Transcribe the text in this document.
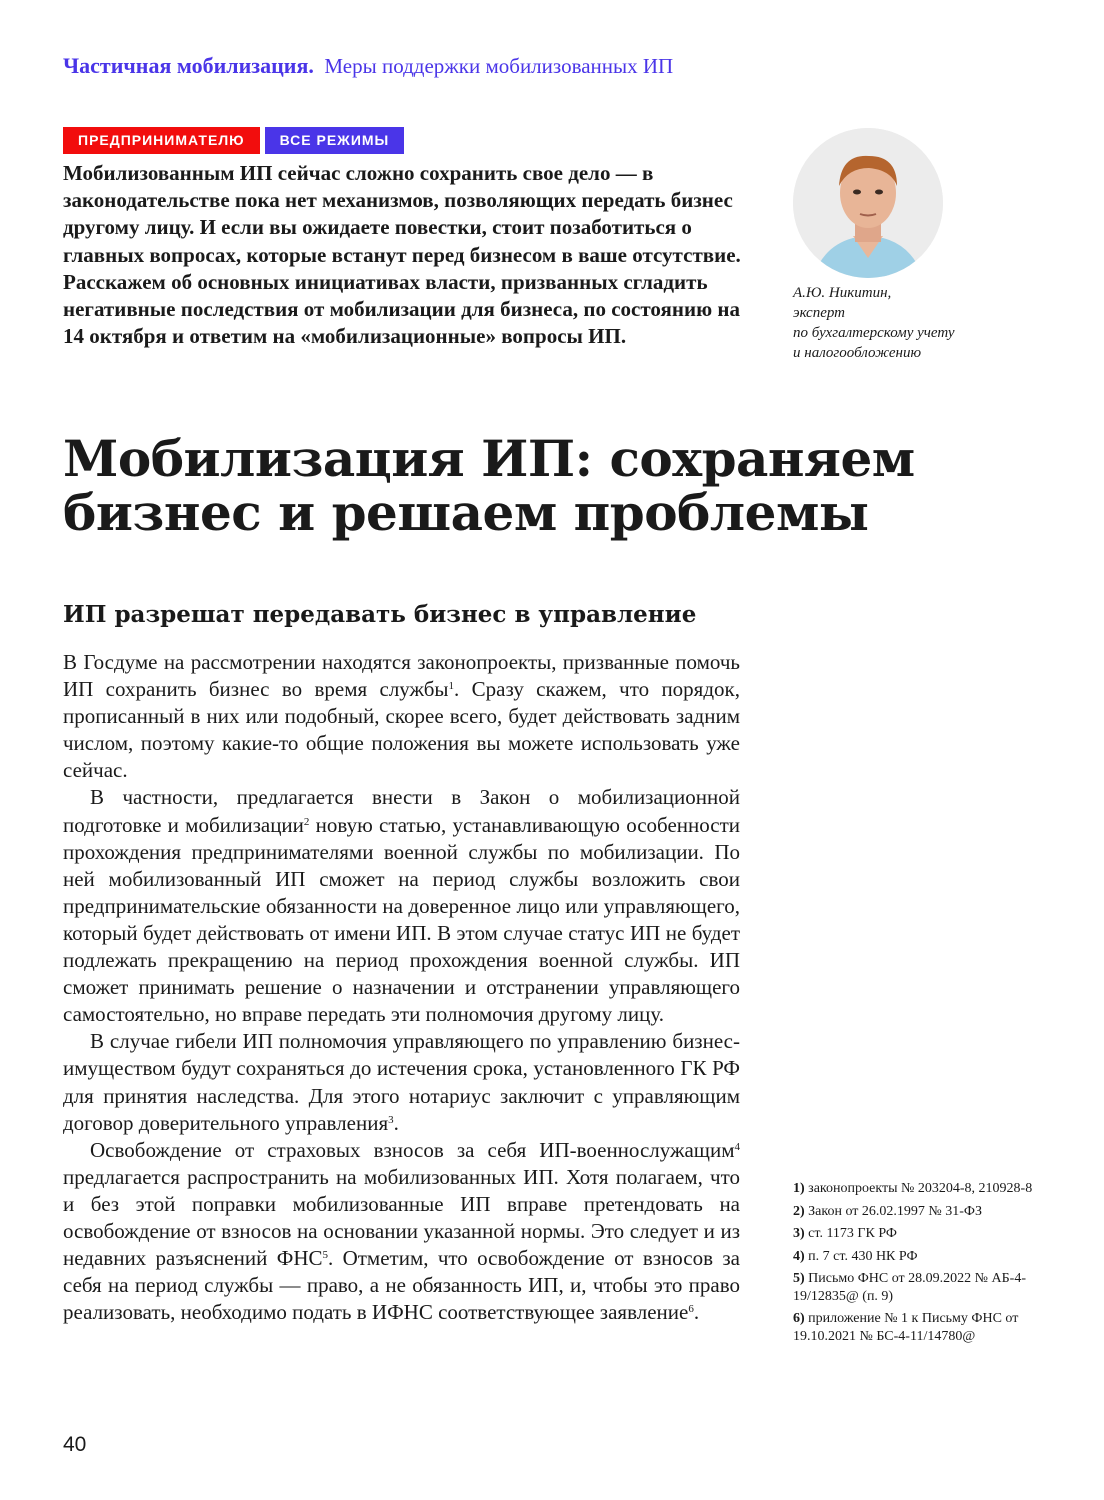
Частичная мобилизация. Меры поддержки мобилизованных ИП
ПРЕДПРИНИМАТЕЛЮ	ВСЕ РЕЖИМЫ
Мобилизованным ИП сейчас сложно сохранить свое дело — в законодательстве пока нет механизмов, позволяющих передать бизнес другому лицу. И если вы ожидаете повестки, стоит позаботиться о главных вопросах, которые встанут перед бизнесом в ваше отсутствие. Расскажем об основных инициативах власти, призванных сгладить негативные последствия от мобилизации для бизнеса, по состоянию на 14 октября и ответим на «мобилизационные» вопросы ИП.
А.Ю. Никитин,
эксперт
по бухгалтерскому учету
и налогообложению
Мобилизация ИП: сохраняем бизнес и решаем проблемы
ИП разрешат передавать бизнес в управление

В Госдуме на рассмотрении находятся законопроекты, призванные помочь ИП сохранить бизнес во время службы$^1$. Сразу скажем, что порядок, прописанный в них или подобный, скорее всего, будет действовать задним числом, поэтому какие-то общие положения вы можете использовать уже сейчас.

В частности, предлагается внести в Закон о мобилизационной подготовке и мобилизации$^2$ новую статью, устанавливающую особенности прохождения предпринимателями военной службы по мобилизации. По ней мобилизованный ИП сможет на период службы возложить свои предпринимательские обязанности на доверенное лицо или управляющего, который будет действовать от имени ИП. В этом случае статус ИП не будет подлежать прекращению на период прохождения военной службы. ИП сможет принимать решение о назначении и отстранении управляющего самостоятельно, но вправе передать эти полномочия другому лицу.

В случае гибели ИП полномочия управляющего по управлению бизнес-имуществом будут сохраняться до истечения срока, установленного ГК РФ для принятия наследства. Для этого нотариус заключит с управляющим договор доверительного управления$^3$.

Освобождение от страховых взносов за себя ИП-военнослужащим$^4$ предлагается распространить на мобилизованных ИП. Хотя полагаем, что и без этой поправки мобилизованные ИП вправе претендовать на освобождение от взносов на основании указанной нормы. Это следует и из недавних разъяснений ФНС$^5$. Отметим, что освобождение от взносов за себя на период службы — право, а не обязанность ИП, и, чтобы это право реализовать, необходимо подать в ИФНС соответствующее заявление$^6$.

1) законопроекты № 203204-8, 210928-8
2) Закон от 26.02.1997 № 31-ФЗ
3) ст. 1173 ГК РФ
4) п. 7 ст. 430 НК РФ
5) Письмо ФНС от 28.09.2022 № АБ-4-19/12835@ (п. 9)
6) приложение № 1 к Письму ФНС от 19.10.2021 № БС-4-11/14780@
40
